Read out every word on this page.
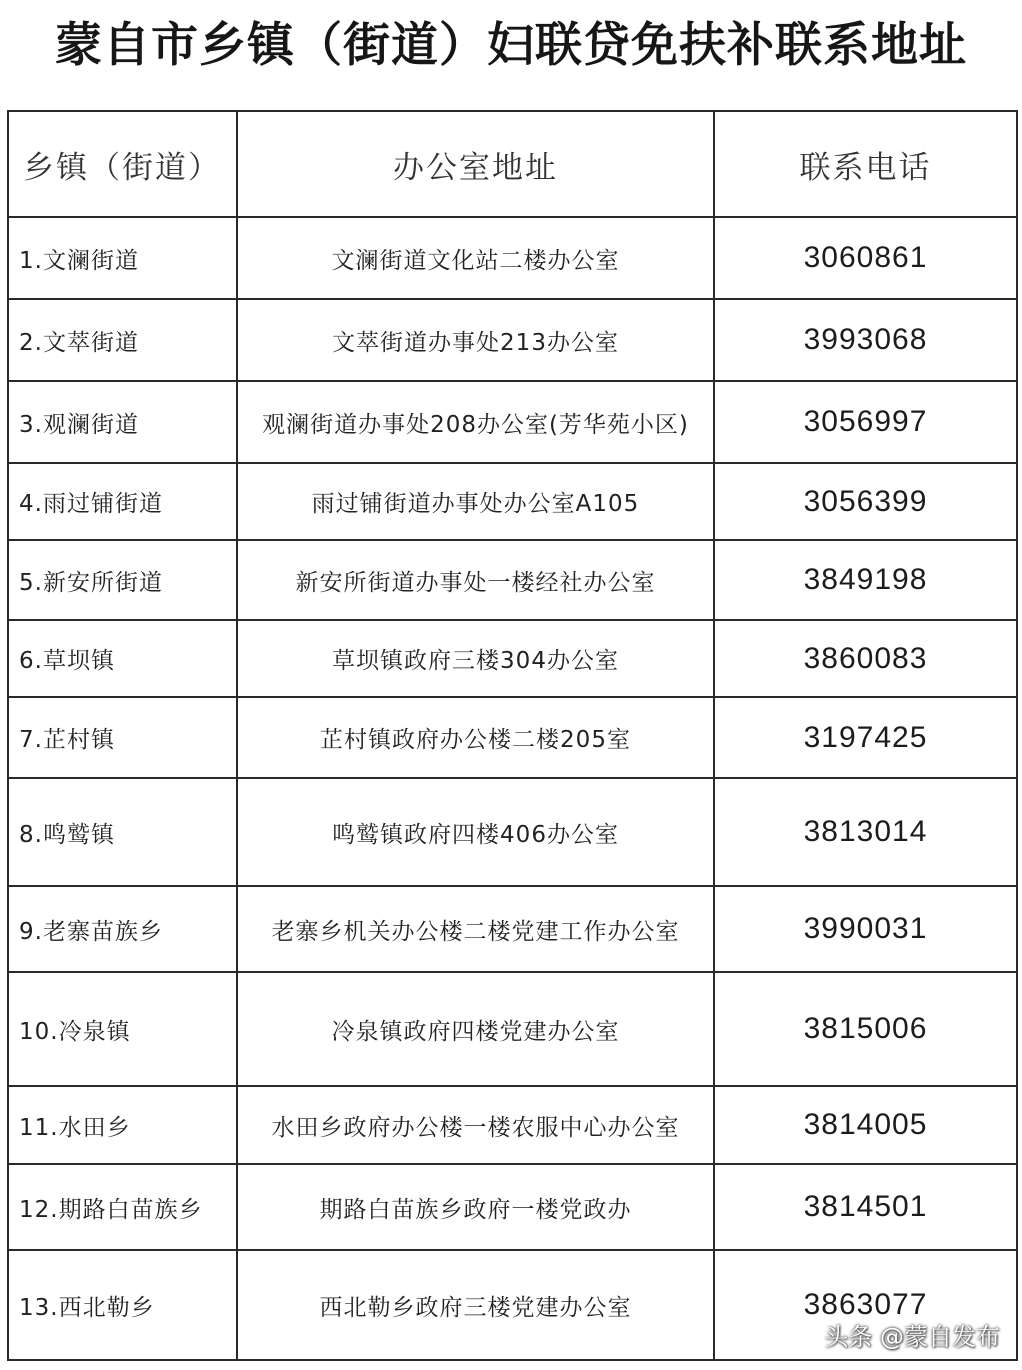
蒙自市乡镇（街道）妇联贷免扶补联系地址
乡镇（街道）	办公室地址	联系电话
1.文澜街道	文澜街道文化站二楼办公室	3060861
2.文萃街道	文萃街道办事处213办公室	3993068
3.观澜街道	观澜街道办事处208办公室(芳华苑小区)	3056997
4.雨过铺街道	雨过铺街道办事处办公室A105	3056399
5.新安所街道	新安所街道办事处一楼经社办公室	3849198
6.草坝镇	草坝镇政府三楼304办公室	3860083
7.芷村镇	芷村镇政府办公楼二楼205室	3197425
8.鸣鹫镇	鸣鹫镇政府四楼406办公室	3813014
9.老寨苗族乡	老寨乡机关办公楼二楼党建工作办公室	3990031
10.冷泉镇	冷泉镇政府四楼党建办公室	3815006
11.水田乡	水田乡政府办公楼一楼农服中心办公室	3814005
12.期路白苗族乡	期路白苗族乡政府一楼党政办	3814501
13.西北勒乡	西北勒乡政府三楼党建办公室	3863077
头条 @蒙自发布
